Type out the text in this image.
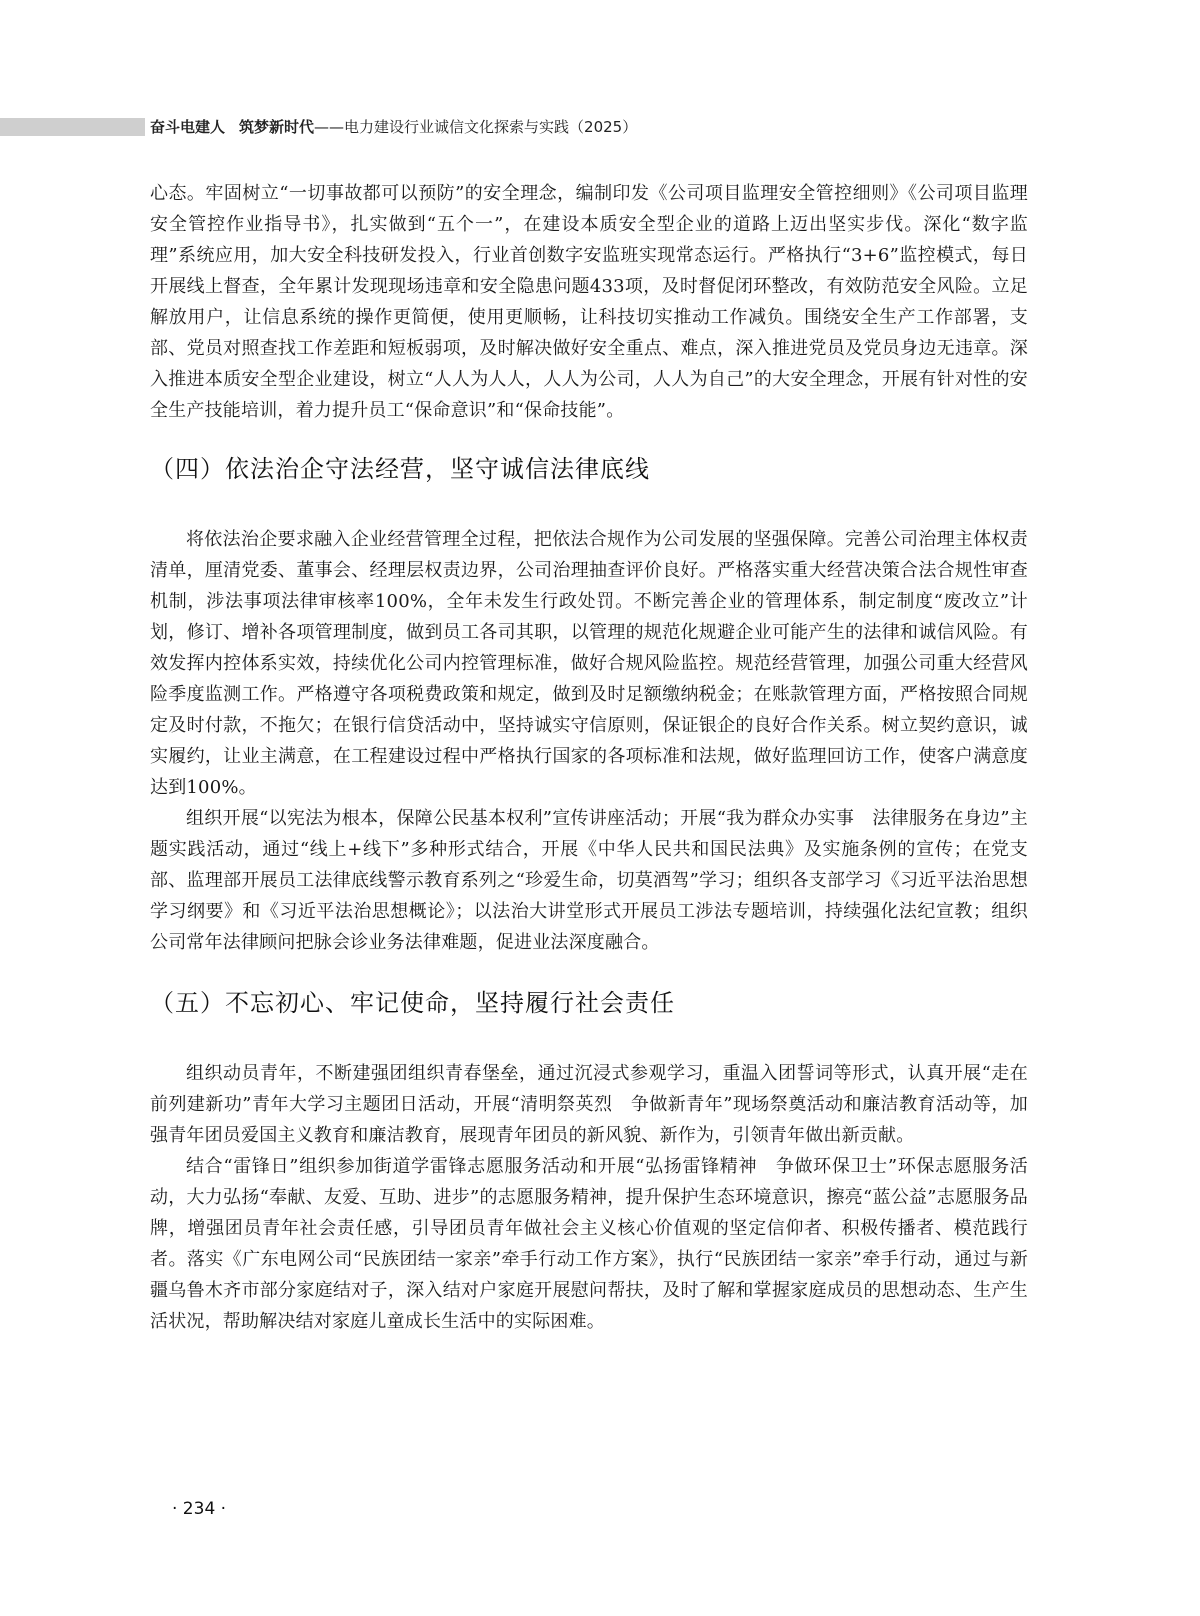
奋斗电建人 筑梦新时代——电力建设行业诚信文化探索与实践（2025）

心态。牢固树立“一切事故都可以预防”的安全理念，编制印发《公司项目监理安全管控细则》《公司项目监理安全管控作业指导书》，扎实做到“五个一”，在建设本质安全型企业的道路上迈出坚实步伐。深化“数字监理”系统应用，加大安全科技研发投入，行业首创数字安监班实现常态运行。严格执行“3+6”监控模式，每日开展线上督查，全年累计发现现场违章和安全隐患问题433项，及时督促闭环整改，有效防范安全风险。立足解放用户，让信息系统的操作更简便，使用更顺畅，让科技切实推动工作减负。围绕安全生产工作部署，支部、党员对照查找工作差距和短板弱项，及时解决做好安全重点、难点，深入推进党员及党员身边无违章。深入推进本质安全型企业建设，树立“人人为人人，人人为公司，人人为自己”的大安全理念，开展有针对性的安全生产技能培训，着力提升员工“保命意识”和“保命技能”。

（四）依法治企守法经营，坚守诚信法律底线

将依法治企要求融入企业经营管理全过程，把依法合规作为公司发展的坚强保障。完善公司治理主体权责清单，厘清党委、董事会、经理层权责边界，公司治理抽查评价良好。严格落实重大经营决策合法合规性审查机制，涉法事项法律审核率100%，全年未发生行政处罚。不断完善企业的管理体系，制定制度“废改立”计划，修订、增补各项管理制度，做到员工各司其职，以管理的规范化规避企业可能产生的法律和诚信风险。有效发挥内控体系实效，持续优化公司内控管理标准，做好合规风险监控。规范经营管理，加强公司重大经营风险季度监测工作。严格遵守各项税费政策和规定，做到及时足额缴纳税金；在账款管理方面，严格按照合同规定及时付款，不拖欠；在银行信贷活动中，坚持诚实守信原则，保证银企的良好合作关系。树立契约意识，诚实履约，让业主满意，在工程建设过程中严格执行国家的各项标准和法规，做好监理回访工作，使客户满意度达到100%。

组织开展“以宪法为根本，保障公民基本权利”宣传讲座活动；开展“我为群众办实事　法律服务在身边”主题实践活动，通过“线上+线下”多种形式结合，开展《中华人民共和国民法典》及实施条例的宣传；在党支部、监理部开展员工法律底线警示教育系列之“珍爱生命，切莫酒驾”学习；组织各支部学习《习近平法治思想学习纲要》和《习近平法治思想概论》；以法治大讲堂形式开展员工涉法专题培训，持续强化法纪宣教；组织公司常年法律顾问把脉会诊业务法律难题，促进业法深度融合。

（五）不忘初心、牢记使命，坚持履行社会责任

组织动员青年，不断建强团组织青春堡垒，通过沉浸式参观学习，重温入团誓词等形式，认真开展“走在前列建新功”青年大学习主题团日活动，开展“清明祭英烈　争做新青年”现场祭奠活动和廉洁教育活动等，加强青年团员爱国主义教育和廉洁教育，展现青年团员的新风貌、新作为，引领青年做出新贡献。

结合“雷锋日”组织参加街道学雷锋志愿服务活动和开展“弘扬雷锋精神　争做环保卫士”环保志愿服务活动，大力弘扬“奉献、友爱、互助、进步”的志愿服务精神，提升保护生态环境意识，擦亮“蓝公益”志愿服务品牌，增强团员青年社会责任感，引导团员青年做社会主义核心价值观的坚定信仰者、积极传播者、模范践行者。落实《广东电网公司“民族团结一家亲”牵手行动工作方案》，执行“民族团结一家亲”牵手行动，通过与新疆乌鲁木齐市部分家庭结对子，深入结对户家庭开展慰问帮扶，及时了解和掌握家庭成员的思想动态、生产生活状况，帮助解决结对家庭儿童成长生活中的实际困难。

· 234 ·
